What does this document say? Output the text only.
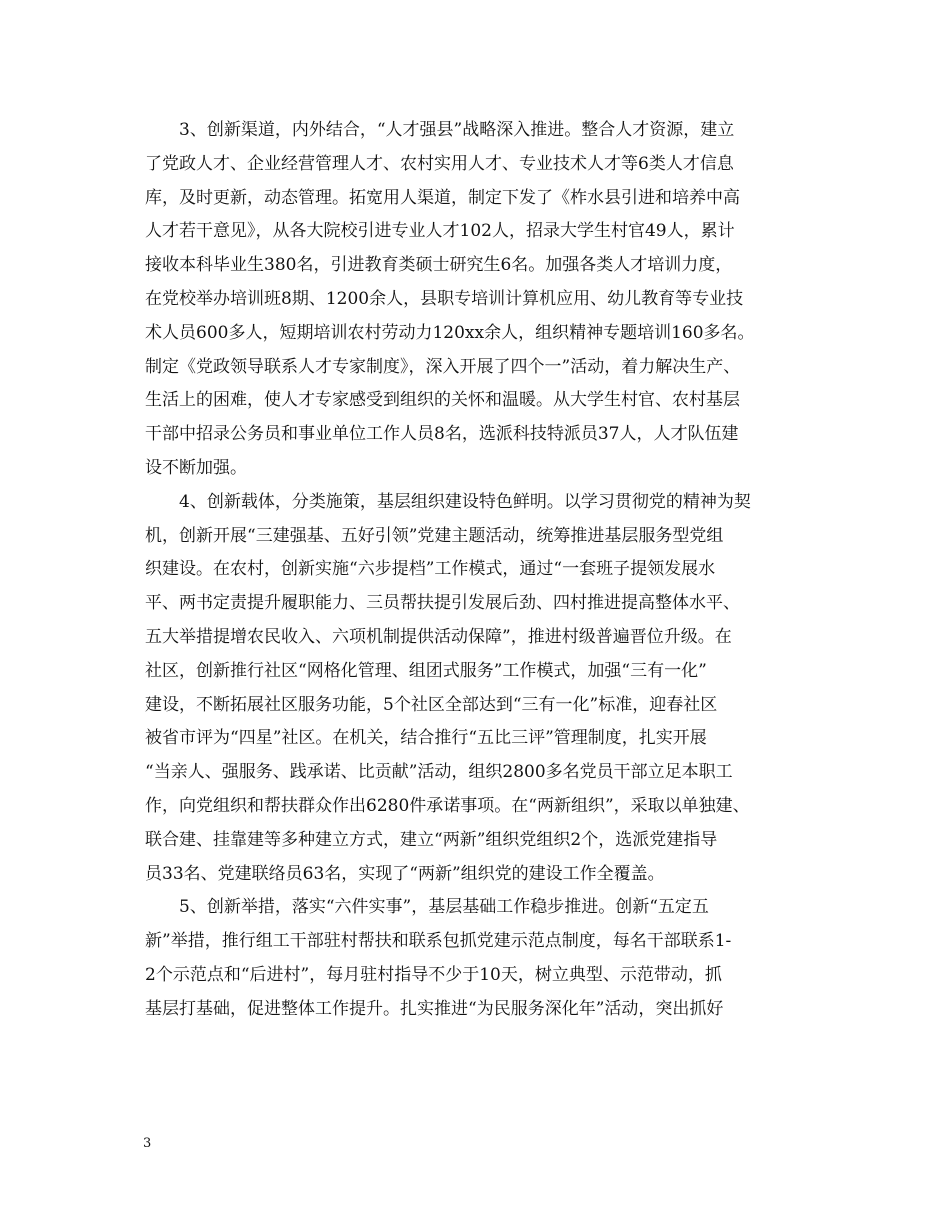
3、创新渠道，内外结合，“人才强县”战略深入推进。整合人才资源，建立
了党政人才、企业经营管理人才、农村实用人才、专业技术人才等6类人才信息
库，及时更新，动态管理。拓宽用人渠道，制定下发了《柞水县引进和培养中高
人才若干意见》，从各大院校引进专业人才102人，招录大学生村官49人，累计
接收本科毕业生380名，引进教育类硕士研究生6名。加强各类人才培训力度，
在党校举办培训班8期、1200余人，县职专培训计算机应用、幼儿教育等专业技
术人员600多人，短期培训农村劳动力120xx余人，组织精神专题培训160多名。
制定《党政领导联系人才专家制度》，深入开展了四个一”活动，着力解决生产、
生活上的困难，使人才专家感受到组织的关怀和温暖。从大学生村官、农村基层
干部中招录公务员和事业单位工作人员8名，选派科技特派员37人，人才队伍建
设不断加强。
4、创新载体，分类施策，基层组织建设特色鲜明。以学习贯彻党的精神为契
机，创新开展“三建强基、五好引领”党建主题活动，统筹推进基层服务型党组
织建设。在农村，创新实施“六步提档”工作模式，通过“一套班子提领发展水
平、两书定责提升履职能力、三员帮扶提引发展后劲、四村推进提高整体水平、
五大举措提增农民收入、六项机制提供活动保障”，推进村级普遍晋位升级。在
社区，创新推行社区“网格化管理、组团式服务”工作模式，加强“三有一化”
建设，不断拓展社区服务功能，5个社区全部达到“三有一化”标准，迎春社区
被省市评为“四星”社区。在机关，结合推行“五比三评”管理制度，扎实开展
“当亲人、强服务、践承诺、比贡献”活动，组织2800多名党员干部立足本职工
作，向党组织和帮扶群众作出6280件承诺事项。在“两新组织”，采取以单独建、
联合建、挂靠建等多种建立方式，建立“两新”组织党组织2个，选派党建指导
员33名、党建联络员63名，实现了“两新”组织党的建设工作全覆盖。
5、创新举措，落实“六件实事”，基层基础工作稳步推进。创新“五定五
新”举措，推行组工干部驻村帮扶和联系包抓党建示范点制度，每名干部联系1-
2个示范点和“后进村”，每月驻村指导不少于10天，树立典型、示范带动，抓
基层打基础，促进整体工作提升。扎实推进“为民服务深化年”活动，突出抓好
3
